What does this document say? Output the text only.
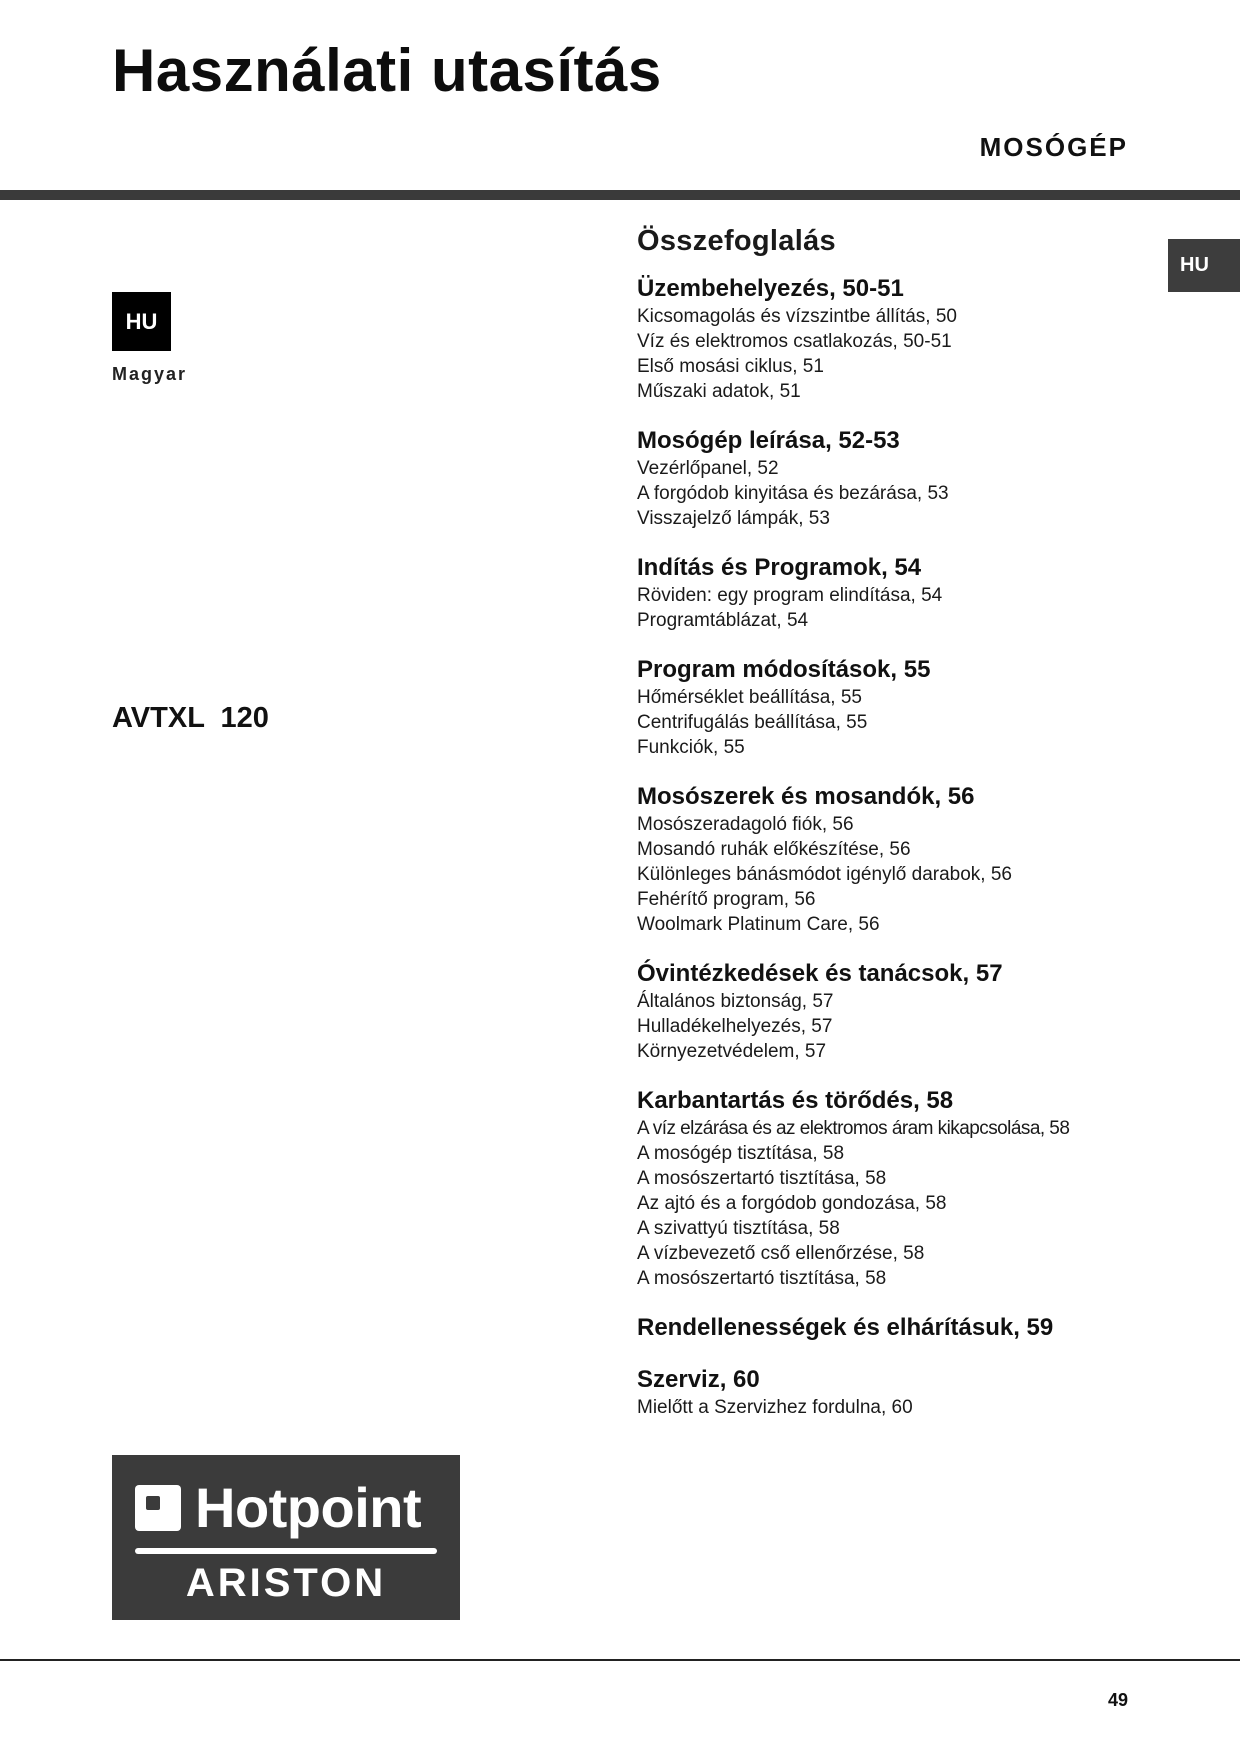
Használati utasítás
MOSÓGÉP
HU
HU
Magyar
AVTXL  120
Összefoglalás
Üzembehelyezés, 50-51
Kicsomagolás és vízszintbe állítás, 50
Víz és elektromos csatlakozás, 50-51
Első mosási ciklus, 51
Műszaki adatok, 51
Mosógép leírása, 52-53
Vezérlőpanel, 52
A forgódob kinyitása és bezárása, 53
Visszajelző lámpák, 53
Indítás és Programok, 54
Röviden: egy program elindítása, 54
Programtáblázat, 54
Program módosítások, 55
Hőmérséklet beállítása, 55
Centrifugálás beállítása, 55
Funkciók, 55
Mosószerek és mosandók, 56
Mosószeradagoló fiók, 56
Mosandó ruhák előkészítése, 56
Különleges bánásmódot igénylő darabok, 56
Fehérítő program, 56
Woolmark Platinum Care, 56
Óvintézkedések és tanácsok, 57
Általános biztonság, 57
Hulladékelhelyezés, 57
Környezetvédelem, 57
Karbantartás és törődés, 58
A víz elzárása és az elektromos áram kikapcsolása, 58
A mosógép tisztítása, 58
A mosószertartó tisztítása, 58
Az ajtó és a forgódob gondozása, 58
A szivattyú tisztítása, 58
A vízbevezető cső ellenőrzése, 58
A mosószertartó tisztítása, 58
Rendellenességek és elhárításuk, 59
Szerviz, 60
Mielőtt a Szervizhez fordulna, 60
Hotpoint
ARISTON
49
